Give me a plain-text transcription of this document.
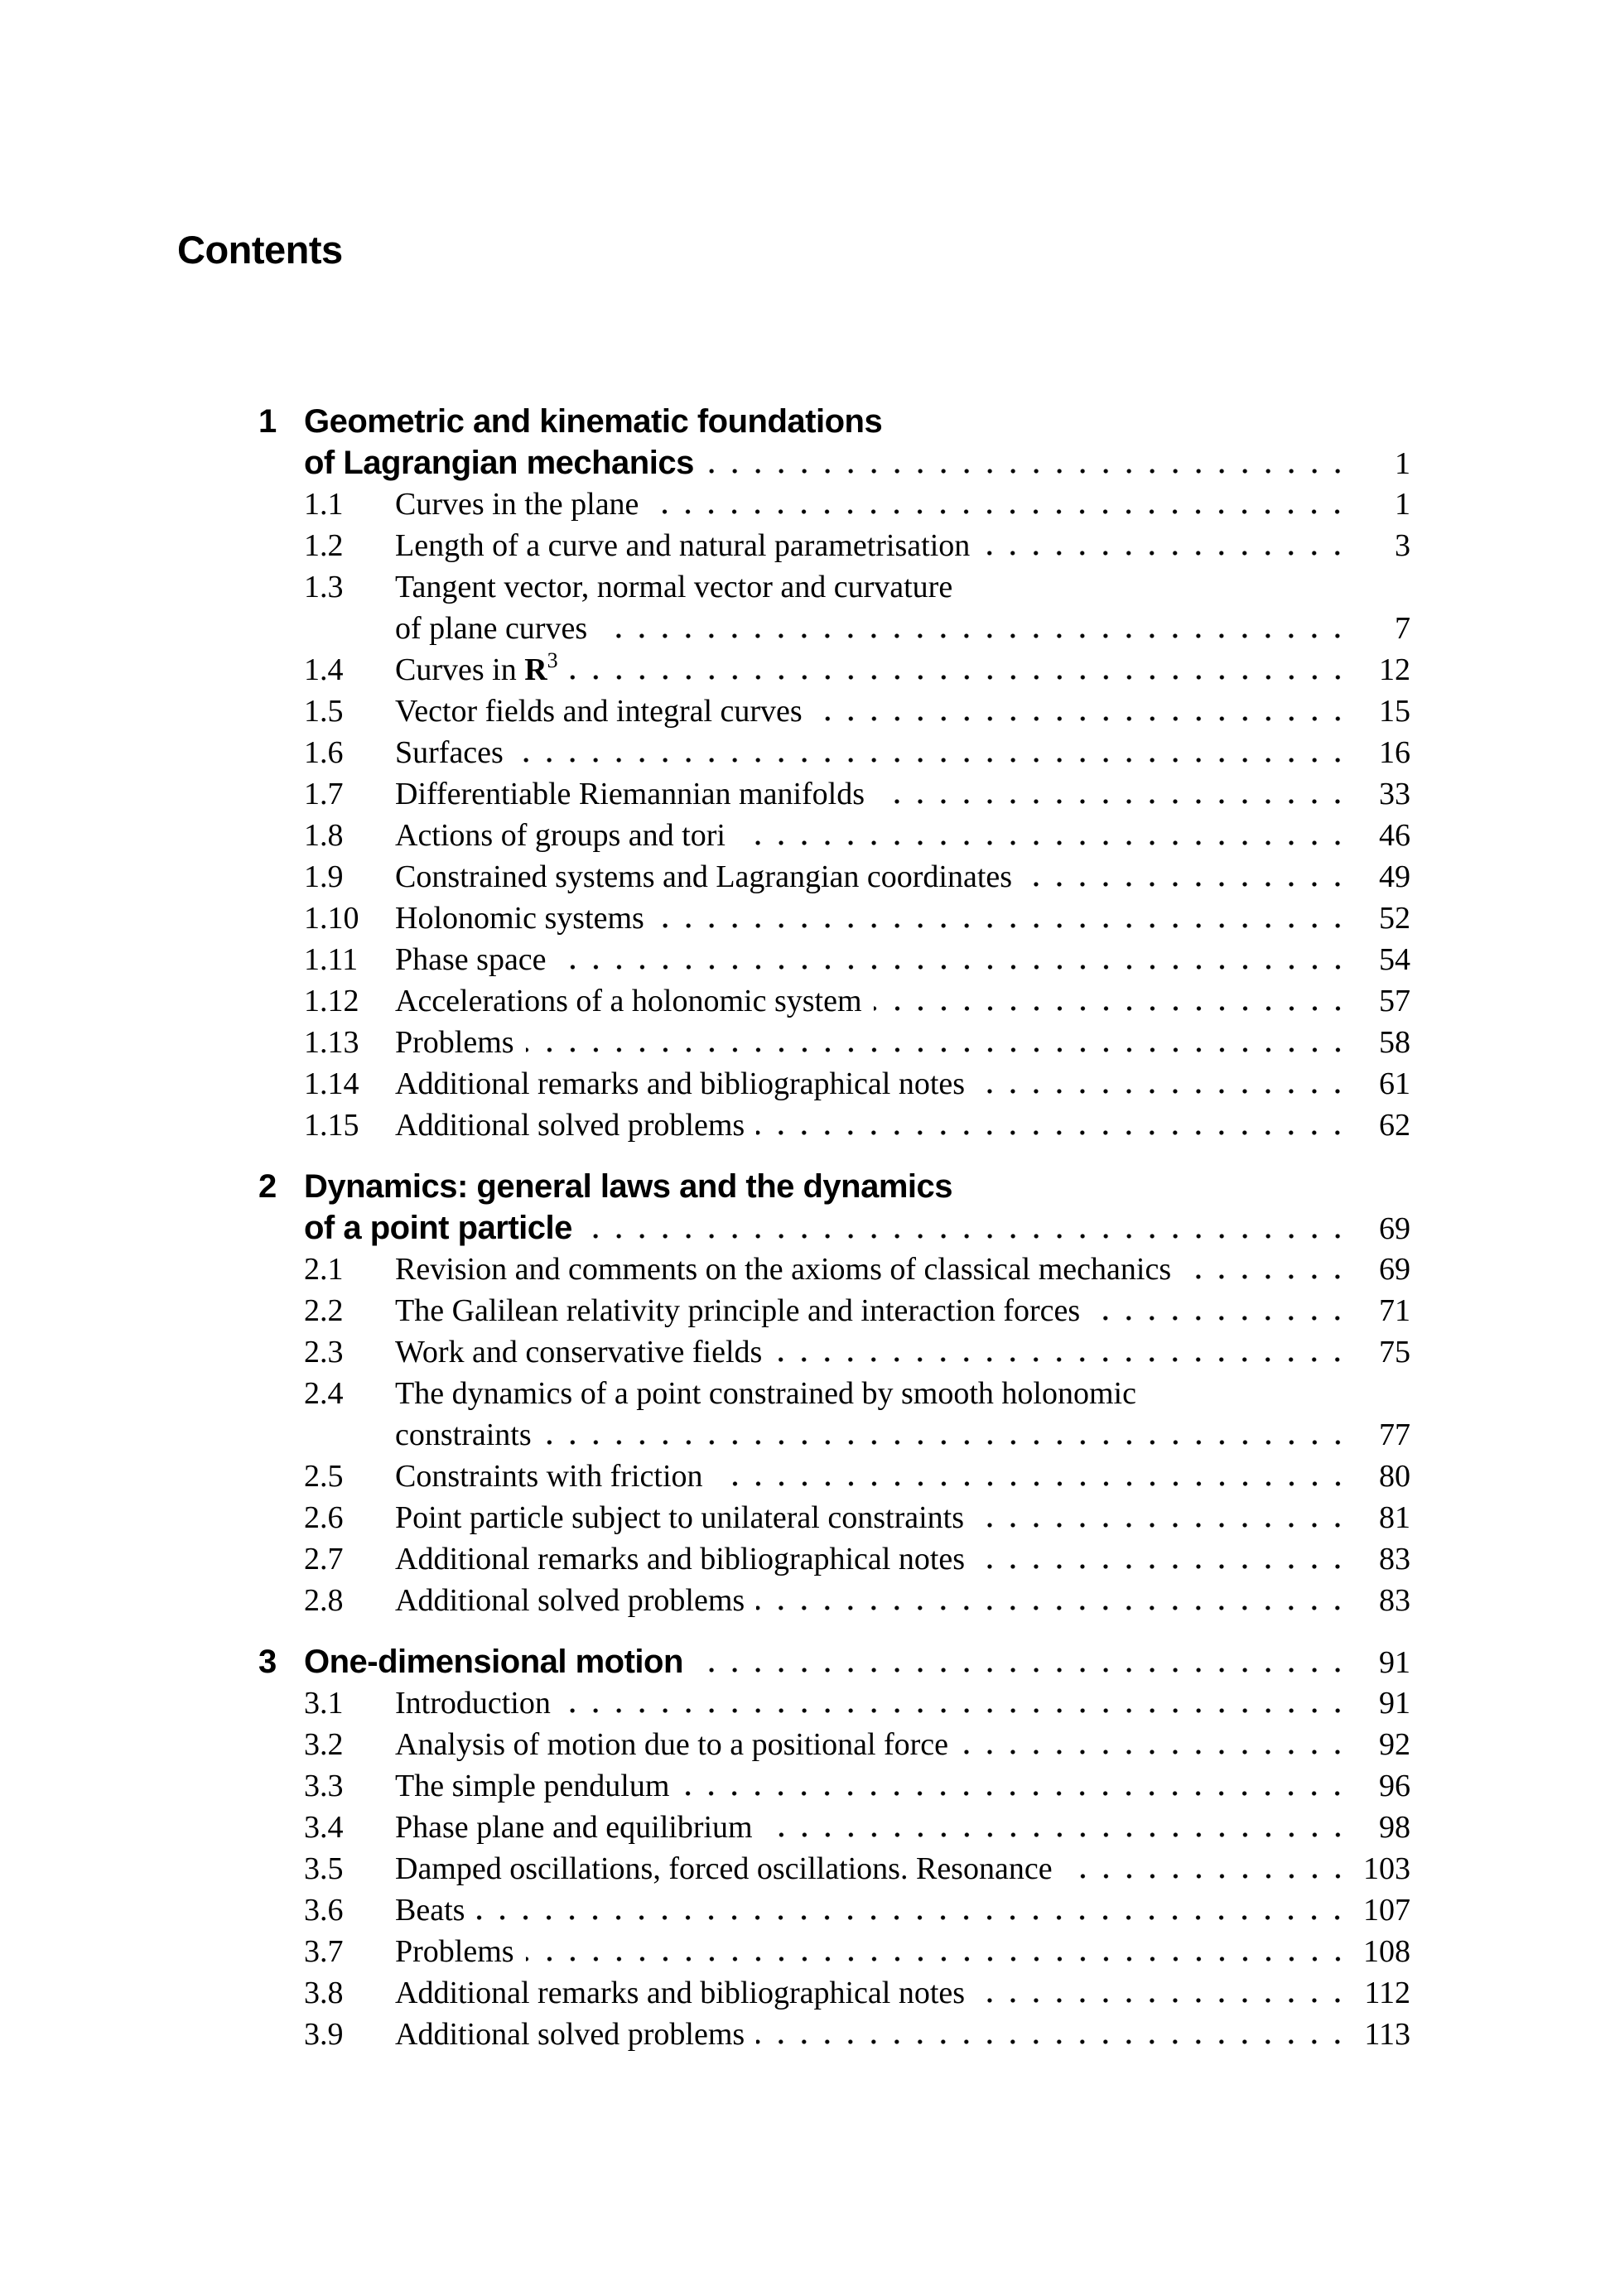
Contents
1 Geometric and kinematic foundations
of Lagrangian mechanics	1
1.1	Curves in the plane	1
1.2	Length of a curve and natural parametrisation	3
1.3	Tangent vector, normal vector and curvature
of plane curves	7
1.4	Curves in $R^3$	12
1.5	Vector fields and integral curves	15
1.6	Surfaces	16
1.7	Differentiable Riemannian manifolds	33
1.8	Actions of groups and tori	46
1.9	Constrained systems and Lagrangian coordinates	49
1.10	Holonomic systems	52
1.11	Phase space	54
1.12	Accelerations of a holonomic system	57
1.13	Problems	58
1.14	Additional remarks and bibliographical notes	61
1.15	Additional solved problems	62
2 Dynamics: general laws and the dynamics
of a point particle	69
2.1	Revision and comments on the axioms of classical mechanics	69
2.2	The Galilean relativity principle and interaction forces	71
2.3	Work and conservative fields	75
2.4	The dynamics of a point constrained by smooth holonomic
constraints	77
2.5	Constraints with friction	80
2.6	Point particle subject to unilateral constraints	81
2.7	Additional remarks and bibliographical notes	83
2.8	Additional solved problems	83
3 One-dimensional motion	91
3.1	Introduction	91
3.2	Analysis of motion due to a positional force	92
3.3	The simple pendulum	96
3.4	Phase plane and equilibrium	98
3.5	Damped oscillations, forced oscillations. Resonance	103
3.6	Beats	107
3.7	Problems	108
3.8	Additional remarks and bibliographical notes	112
3.9	Additional solved problems	113
